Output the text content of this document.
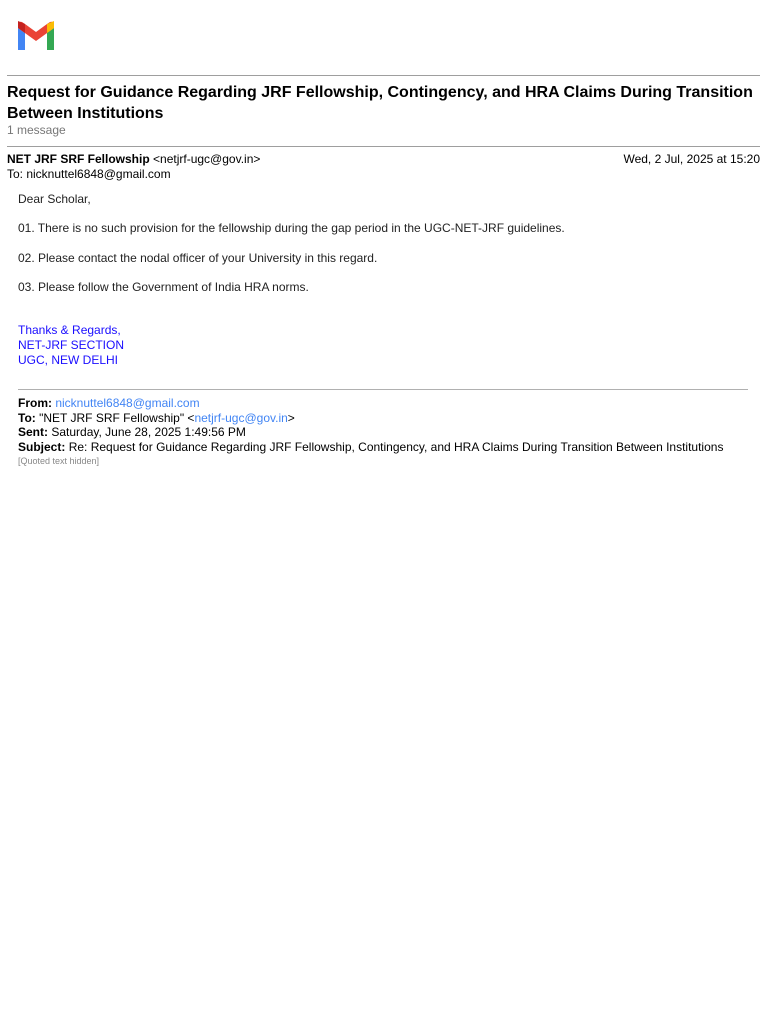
Request for Guidance Regarding JRF Fellowship, Contingency, and HRA Claims During Transition Between Institutions
1 message
NET JRF SRF Fellowship <netjrf-ugc@gov.in>	Wed, 2 Jul, 2025 at 15:20
To: nicknuttel6848@gmail.com

Dear Scholar,

01. There is no such provision for the fellowship during the gap period in the UGC-NET-JRF guidelines.

02. Please contact the nodal officer of your University in this regard.

03. Please follow the Government of India HRA norms.

Thanks & Regards,
NET-JRF SECTION
UGC, NEW DELHI
From: nicknuttel6848@gmail.com
To: "NET JRF SRF Fellowship" <netjrf-ugc@gov.in>
Sent: Saturday, June 28, 2025 1:49:56 PM
Subject: Re: Request for Guidance Regarding JRF Fellowship, Contingency, and HRA Claims During Transition Between Institutions
[Quoted text hidden]
